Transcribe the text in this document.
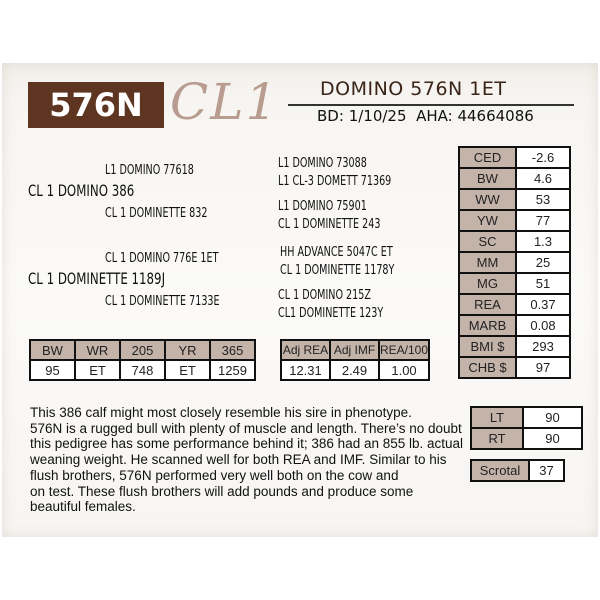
576N CL1 DOMINO 576N 1ET
BD: 1/10/25 AHA: 44664086
L1 DOMINO 77618
CL 1 DOMINO 386
CL 1 DOMINETTE 832
CL 1 DOMINO 776E 1ET
CL 1 DOMINETTE 1189J
CL 1 DOMINETTE 7133E
L1 DOMINO 73088
L1 CL-3 DOMETT 71369
L1 DOMINO 75901
CL 1 DOMINETTE 243
HH ADVANCE 5047C ET
CL 1 DOMINETTE 1178Y
CL 1 DOMINO 215Z
CL1 DOMINETTE 123Y
CED	-2.6
BW	4.6
WW	53
YW	77
SC	1.3
MM	25
MG	51
REA	0.37
MARB	0.08
BMI $	293
CHB $	97
BW	WR	205	YR	365
95	ET	748	ET	1259
Adj REA	Adj IMF	REA/100
12.31	2.49	1.00
LT	90
RT	90
Scrotal	37

This 386 calf might most closely resemble his sire in phenotype.

576N is a rugged bull with plenty of muscle and length. There’s no doubt

this pedigree has some performance behind it; 386 had an 855 lb. actual

weaning weight. He scanned well for both REA and IMF. Similar to his

flush brothers, 576N performed very well both on the cow and

on test. These flush brothers will add pounds and produce some

beautiful females.
